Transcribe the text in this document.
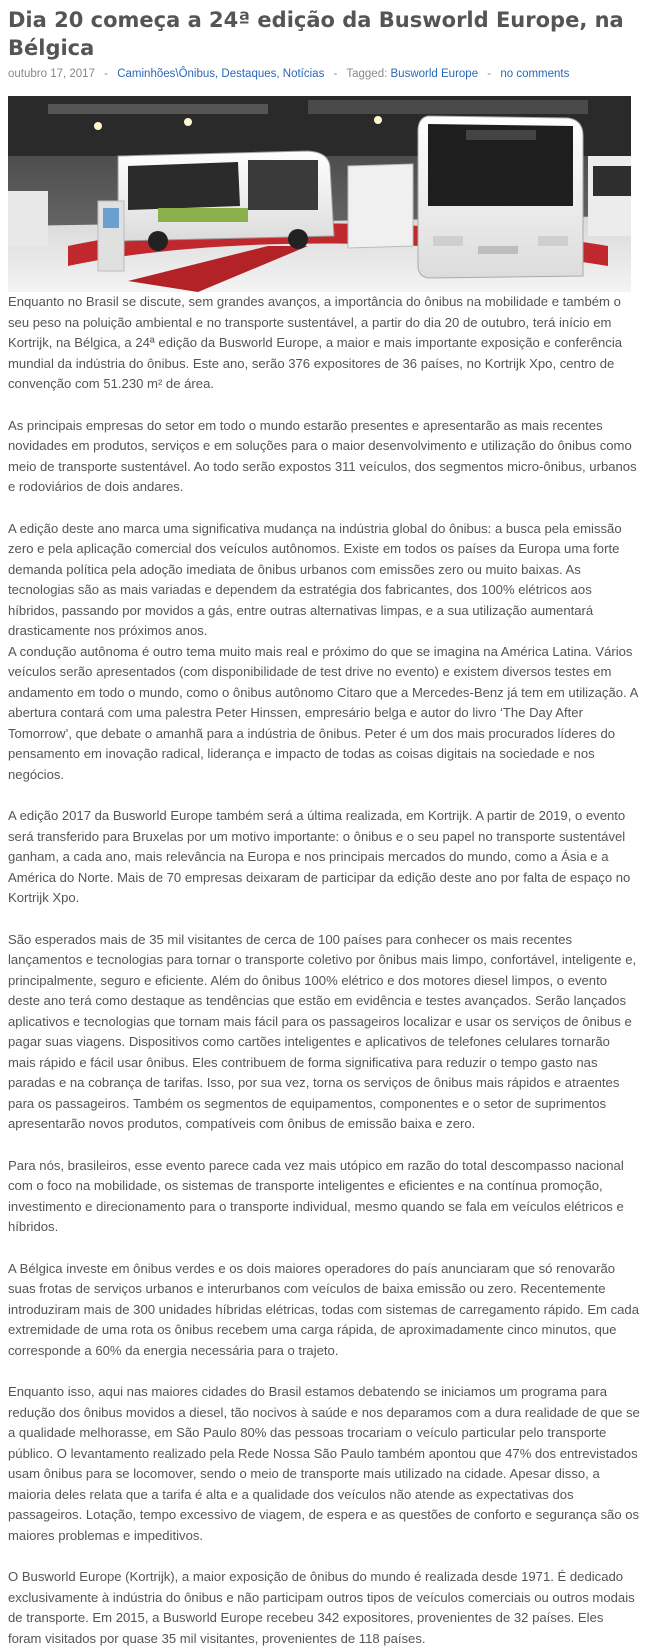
Dia 20 começa a 24ª edição da Busworld Europe, na Bélgica
outubro 17, 2017 - Caminhões\Ônibus, Destaques, Notícias - Tagged: Busworld Europe - no comments

Enquanto no Brasil se discute, sem grandes avanços, a importância do ônibus na mobilidade e também o seu peso na poluição ambiental e no transporte sustentável, a partir do dia 20 de outubro, terá início em Kortrijk, na Bélgica, a 24ª edição da Busworld Europe, a maior e mais importante exposição e conferência mundial da indústria do ônibus. Este ano, serão 376 expositores de 36 países, no Kortrijk Xpo, centro de convenção com 51.230 m² de área.

As principais empresas do setor em todo o mundo estarão presentes e apresentarão as mais recentes novidades em produtos, serviços e em soluções para o maior desenvolvimento e utilização do ônibus como meio de transporte sustentável. Ao todo serão expostos 311 veículos, dos segmentos micro-ônibus, urbanos e rodoviários de dois andares.

A edição deste ano marca uma significativa mudança na indústria global do ônibus: a busca pela emissão zero e pela aplicação comercial dos veículos autônomos. Existe em todos os países da Europa uma forte demanda política pela adoção imediata de ônibus urbanos com emissões zero ou muito baixas. As tecnologias são as mais variadas e dependem da estratégia dos fabricantes, dos 100% elétricos aos híbridos, passando por movidos a gás, entre outras alternativas limpas, e a sua utilização aumentará drasticamente nos próximos anos.

A condução autônoma é outro tema muito mais real e próximo do que se imagina na América Latina. Vários veículos serão apresentados (com disponibilidade de test drive no evento) e existem diversos testes em andamento em todo o mundo, como o ônibus autônomo Citaro que a Mercedes-Benz já tem em utilização. A abertura contará com uma palestra Peter Hinssen, empresário belga e autor do livro ‘The Day After Tomorrow’, que debate o amanhã para a indústria de ônibus. Peter é um dos mais procurados líderes do pensamento em inovação radical, liderança e impacto de todas as coisas digitais na sociedade e nos negócios.

A edição 2017 da Busworld Europe também será a última realizada, em Kortrijk. A partir de 2019, o evento será transferido para Bruxelas por um motivo importante: o ônibus e o seu papel no transporte sustentável ganham, a cada ano, mais relevância na Europa e nos principais mercados do mundo, como a Ásia e a América do Norte. Mais de 70 empresas deixaram de participar da edição deste ano por falta de espaço no Kortrijk Xpo.

São esperados mais de 35 mil visitantes de cerca de 100 países para conhecer os mais recentes lançamentos e tecnologias para tornar o transporte coletivo por ônibus mais limpo, confortável, inteligente e, principalmente, seguro e eficiente. Além do ônibus 100% elétrico e dos motores diesel limpos, o evento deste ano terá como destaque as tendências que estão em evidência e testes avançados. Serão lançados aplicativos e tecnologias que tornam mais fácil para os passageiros localizar e usar os serviços de ônibus e pagar suas viagens. Dispositivos como cartões inteligentes e aplicativos de telefones celulares tornarão mais rápido e fácil usar ônibus. Eles contribuem de forma significativa para reduzir o tempo gasto nas paradas e na cobrança de tarifas. Isso, por sua vez, torna os serviços de ônibus mais rápidos e atraentes para os passageiros. Também os segmentos de equipamentos, componentes e o setor de suprimentos apresentarão novos produtos, compatíveis com ônibus de emissão baixa e zero.

Para nós, brasileiros, esse evento parece cada vez mais utópico em razão do total descompasso nacional com o foco na mobilidade, os sistemas de transporte inteligentes e eficientes e na contínua promoção, investimento e direcionamento para o transporte individual, mesmo quando se fala em veículos elétricos e híbridos.

A Bélgica investe em ônibus verdes e os dois maiores operadores do país anunciaram que só renovarão suas frotas de serviços urbanos e interurbanos com veículos de baixa emissão ou zero. Recentemente introduziram mais de 300 unidades híbridas elétricas, todas com sistemas de carregamento rápido. Em cada extremidade de uma rota os ônibus recebem uma carga rápida, de aproximadamente cinco minutos, que corresponde a 60% da energia necessária para o trajeto.

Enquanto isso, aqui nas maiores cidades do Brasil estamos debatendo se iniciamos um programa para redução dos ônibus movidos a diesel, tão nocivos à saúde e nos deparamos com a dura realidade de que se a qualidade melhorasse, em São Paulo 80% das pessoas trocariam o veículo particular pelo transporte público. O levantamento realizado pela Rede Nossa São Paulo também apontou que 47% dos entrevistados usam ônibus para se locomover, sendo o meio de transporte mais utilizado na cidade. Apesar disso, a maioria deles relata que a tarifa é alta e a qualidade dos veículos não atende as expectativas dos passageiros. Lotação, tempo excessivo de viagem, de espera e as questões de conforto e segurança são os maiores problemas e impeditivos.

O Busworld Europe (Kortrijk), a maior exposição de ônibus do mundo é realizada desde 1971. É dedicado exclusivamente à indústria do ônibus e não participam outros tipos de veículos comerciais ou outros modais de transporte. Em 2015, a Busworld Europe recebeu 342 expositores, provenientes de 32 países. Eles foram visitados por quase 35 mil visitantes, provenientes de 118 países.
